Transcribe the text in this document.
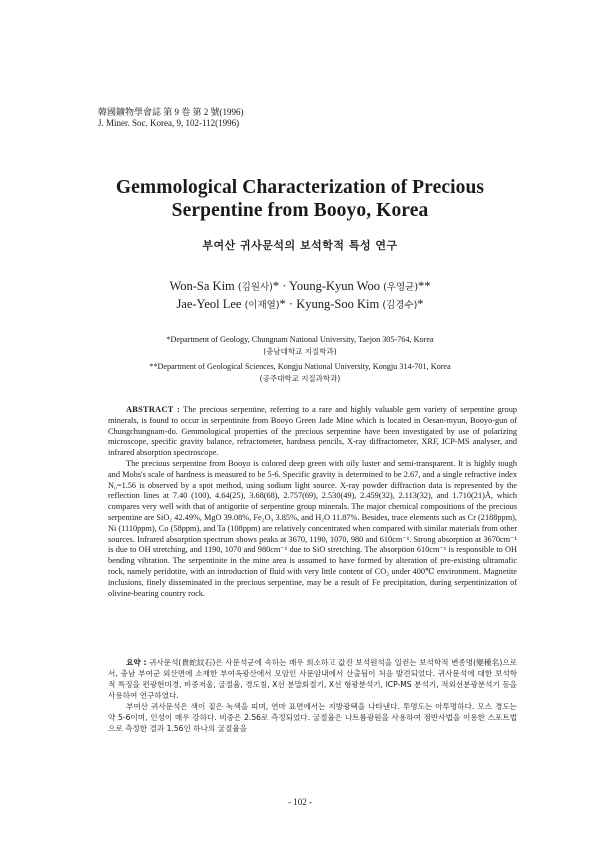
韓國鑛物學會誌 第 9 卷 第 2 號(1996)
J. Miner. Soc. Korea, 9, 102-112(1996)
Gemmological Characterization of Precious
Serpentine from Booyo, Korea
부여산 귀사문석의 보석학적 특성 연구
Won-Sa Kim (김원사)* · Young-Kyun Woo (우영균)**
Jae-Yeol Lee (이재열)* · Kyung-Soo Kim (김경수)*
*Department of Geology, Chungnam National University, Taejon 305-764, Korea
(충남대학교 지질학과)
**Department of Geological Sciences, Kongju National University, Kongju 314-701, Korea
(공주대학교 지질과학과)

ABSTRACT : The precious serpentine, referring to a rare and highly valuable gem variety of serpentine group minerals, is found to occur in serpentinite from Booyo Green Jade Mine which is located in Oesan-myun, Booyo-gun of Chungchungnam-do. Gemmological properties of the precious serpentine have been investigated by use of polarizing microscope, specific gravity balance, refractometer, hardness pencils, X-ray diffractometer, XRF, ICP-MS analyser, and infrared absorption spectroscope.

The precious serpentine from Booyo is colored deep green with oily luster and semi-transparent. It is highly tough and Mohs's scale of hardness is measured to be 5-6. Specific gravity is determined to be 2.67, and a single refractive index N₀=1.56 is observed by a spot method, using sodium light source. X-ray powder diffraction data is represented by the reflection lines at 7.40 (100), 4.64(25), 3.68(68), 2.757(69), 2.530(49), 2.459(32), 2.113(32), and 1.710(21)Å, which compares very well with that of antigorite of serpentine group minerals. The major chemical compositions of the precious serpentine are SiO₂ 42.49%, MgO 39.08%, Fe₂O₃ 3.85%, and H₂O 11.87%. Besides, trace elements such as Cr (2188ppm), Ni (1110ppm), Co (58ppm), and Ta (108ppm) are relatively concentrated when compared with similar materials from other sources. Infrared absorption spectrum shows peaks at 3670, 1190, 1070, 980 and 610cm⁻¹. Strong absorption at 3670cm⁻¹ is due to OH stretching, and 1190, 1070 and 980cm⁻¹ due to SiO stretching. The absorption 610cm⁻¹ is responsible to OH bending vibration. The serpentinite in the mine area is assumed to have formed by alteration of pre-existing ultramafic rock, namely peridotite, with an introduction of fluid with very little content of CO₂ under 400℃ environment. Magnetite inclusions, finely disseminated in the precious serpentine, may be a result of Fe precipitation, during serpentinization of olivine-bearing country rock.

요약 : 귀사문석(貴蛇紋石)은 사문석군에 속하는 매우 희소하고 값진 보석원석을 일컫는 보석학적 변종명(變種名)으로서, 충남 부여군 외산면에 소재한 부여옥광산에서 모암인 사문암내에서 산출됨이 처음 발견되었다. 귀사문석에 대한 보석학적 특징을 편광현미경, 비중저울, 굴절율, 경도침, X선 분말회절기, X선 형광분석기, ICP-MS 분석기, 적외선분광분석기 등을 사용하여 연구하였다.

부여산 귀사문석은 색이 짙은 녹색을 띠며, 연마 표면에서는 지방광택을 나타낸다. 투명도는 아투명하다. 모스 경도는 약 5-6이며, 인성이 매우 강하다. 비중은 2.56로 측정되었다. 굴절율은 나트륨광원을 사용하여 점반사법을 이용한 스포트법으로 측정한 결과 1.56인 하나의 굴절율을

- 102 -
